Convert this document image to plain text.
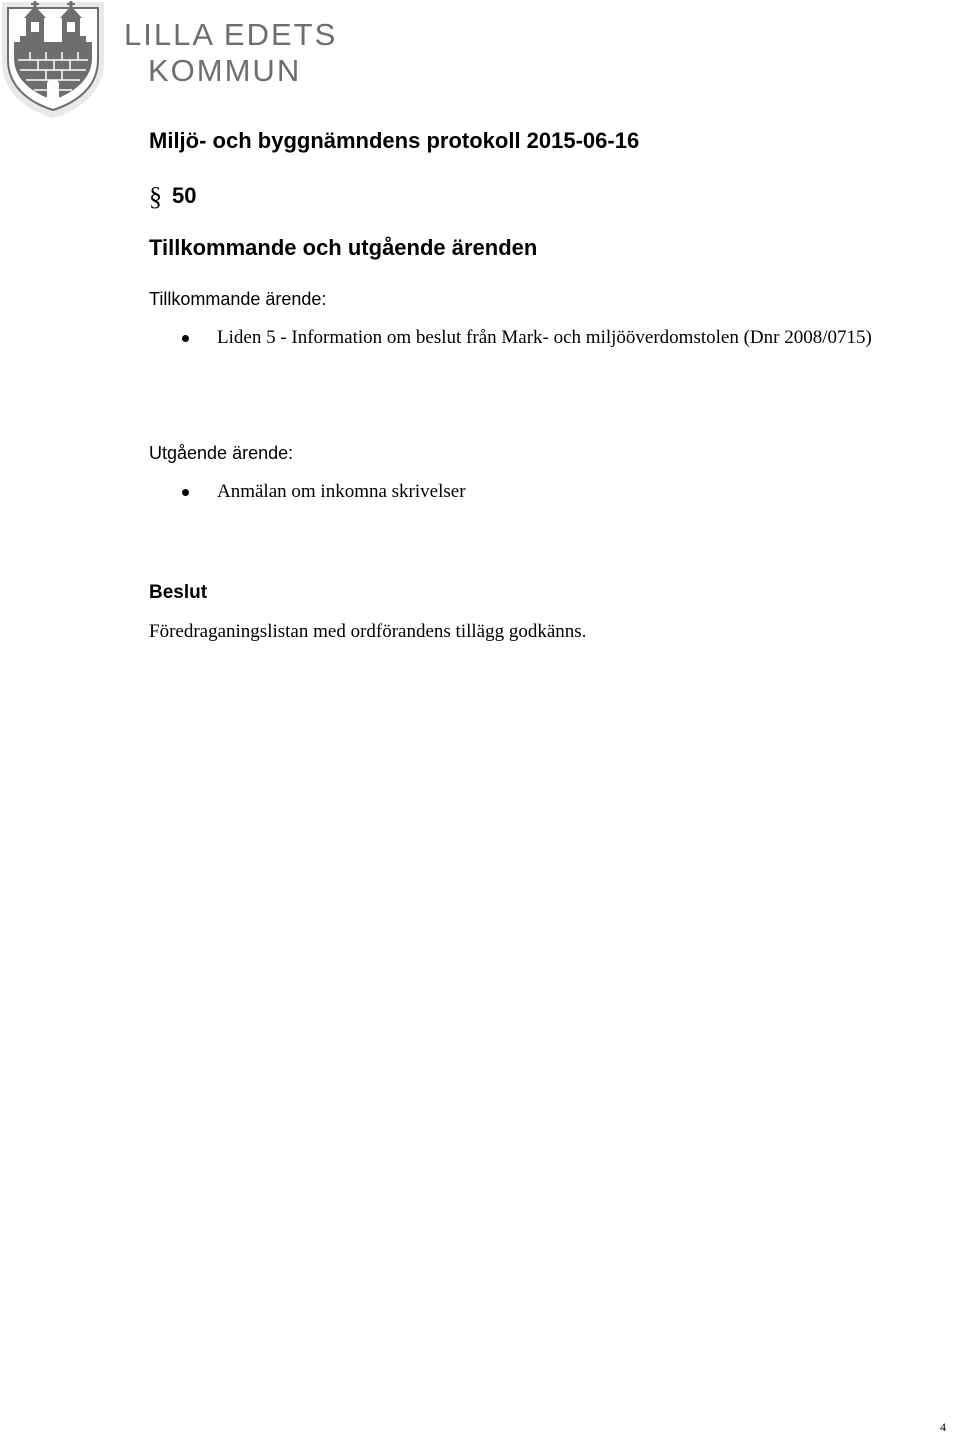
LILLA EDETS
KOMMUN
Miljö- och byggnämndens protokoll 2015-06-16
§ 50
Tillkommande och utgående ärenden
Tillkommande ärende:
Liden 5 - Information om beslut från Mark- och miljööverdomstolen (Dnr 2008/0715)
Utgående ärende:
Anmälan om inkomna skrivelser
Beslut

Föredraganingslistan med ordförandens tillägg godkänns.

4
